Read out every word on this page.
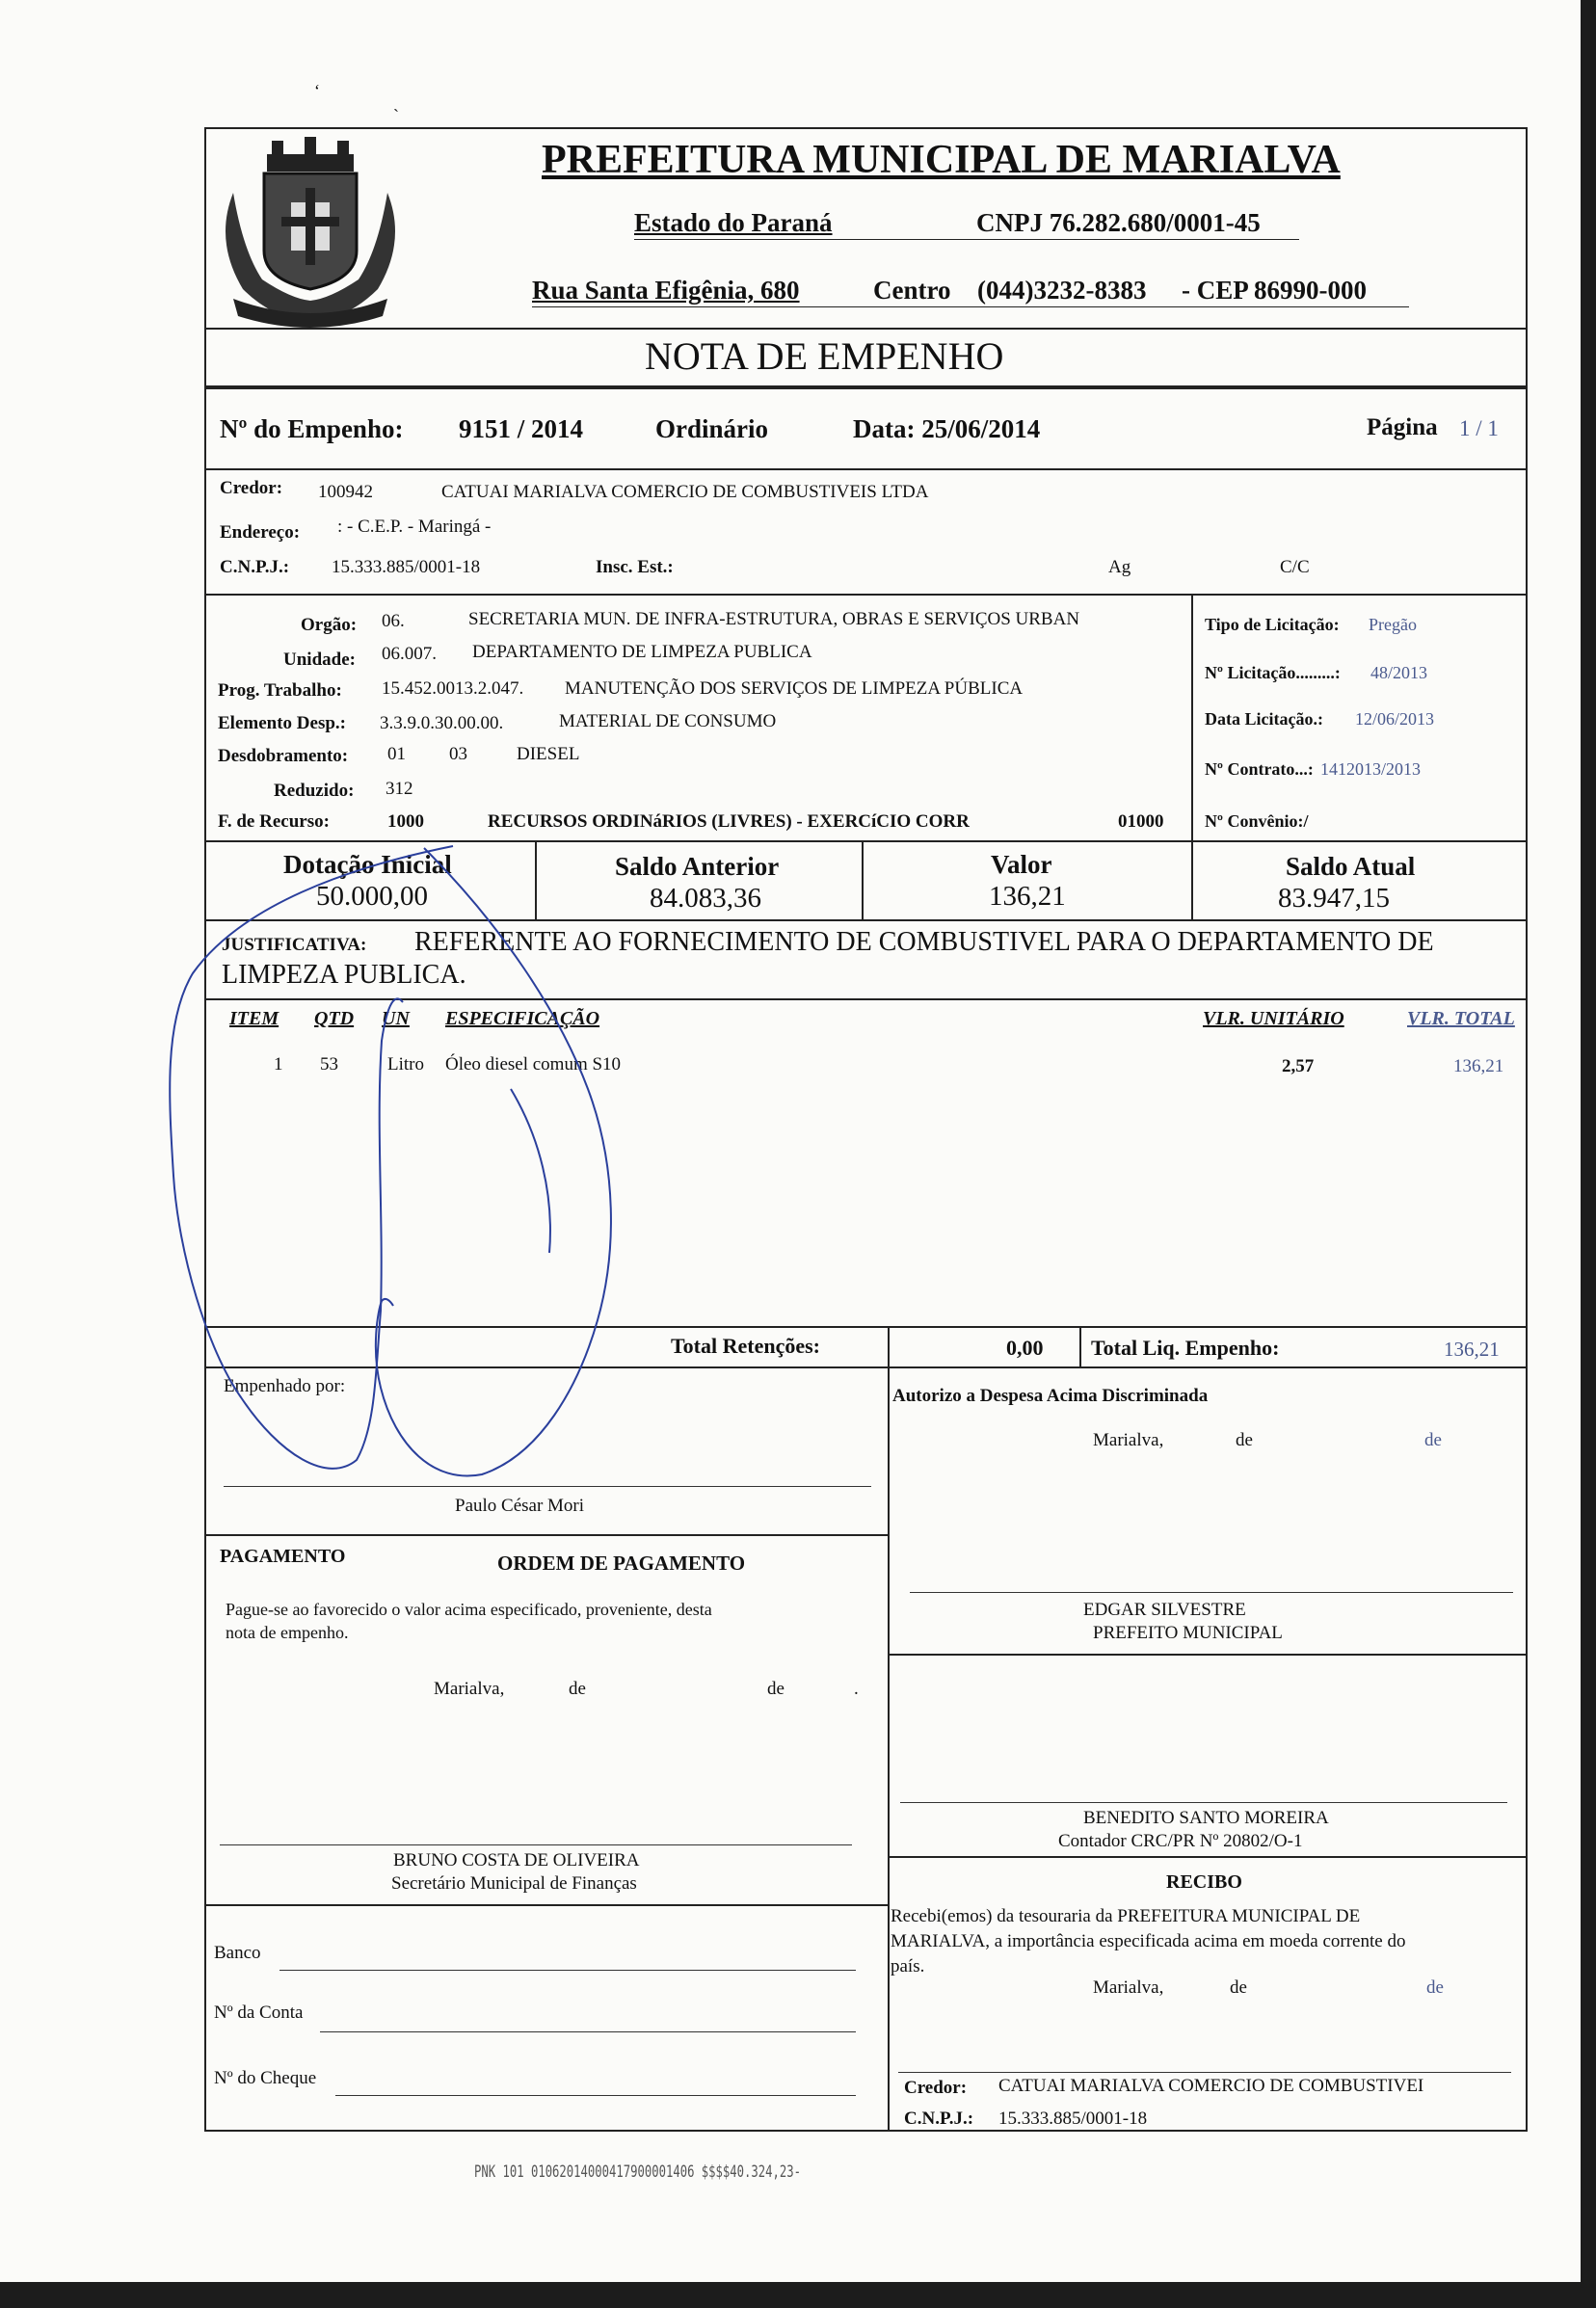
‘
ˎ
PREFEITURA MUNICIPAL DE MARIALVA
Estado do Paraná	CNPJ 76.282.680/0001-45
Rua Santa Efigênia, 680	Centro (044)3232-8383 - CEP 86990-000
NOTA DE EMPENHO
Nº do Empenho: 9151 / 2014	Ordinário	Data: 25/06/2014	Página 1 / 1
Credor: 100942	CATUAI MARIALVA COMERCIO DE COMBUSTIVEIS LTDA
Endereço: : - C.E.P. - Maringá -
C.N.P.J.: 15.333.885/0001-18	Insc. Est.:	Ag	C/C
Orgão: 06.	SECRETARIA MUN. DE INFRA-ESTRUTURA, OBRAS E SERVIÇOS URBAN
Unidade: 06.007. DEPARTAMENTO DE LIMPEZA PUBLICA
Prog. Trabalho: 15.452.0013.2.047. MANUTENÇÃO DOS SERVIÇOS DE LIMPEZA PÚBLICA
Elemento Desp.: 3.3.9.0.30.00.00.	MATERIAL DE CONSUMO
Desdobramento: 01 03	DIESEL
Reduzido: 312
F. de Recurso:	1000	RECURSOS ORDINáRIOS (LIVRES) - EXERCíCIO CORR	01000
Tipo de Licitação: Pregão
Nº Licitação.........: 48/2013
Data Licitação.: 12/06/2013
Nº Contrato...: 1412013/2013
Nº Convênio:/
Dotação Inicial
50.000,00
Saldo Anterior
84.083,36
Valor
136,21
Saldo Atual
83.947,15
JUSTIFICATIVA: REFERENTE AO FORNECIMENTO DE COMBUSTIVEL PARA O DEPARTAMENTO DE
LIMPEZA PUBLICA.
ITEM QTD UN ESPECIFICAÇÃO	VLR. UNITÁRIO	VLR. TOTAL
1 53	Litro Óleo diesel comum S10	2,57	136,21
Total Retenções:	0,00 Total Liq. Empenho:	136,21
Empenhado por:
Paulo César Mori
Autorizo a Despesa Acima Discriminada
Marialva,	de	de
PAGAMENTO	ORDEM DE PAGAMENTO
Pague-se ao favorecido o valor acima especificado, proveniente, desta
nota de empenho.
Marialva,	de	de	.
EDGAR SILVESTRE
PREFEITO MUNICIPAL
BENEDITO SANTO MOREIRA
Contador CRC/PR Nº 20802/O-1
BRUNO COSTA DE OLIVEIRA
Secretário Municipal de Finanças	RECIBO
Recebi(emos) da tesouraria da PREFEITURA MUNICIPAL DE
MARIALVA, a importância especificada acima em moeda corrente do
país.
Marialva,	de	de
Credor: CATUAI MARIALVA COMERCIO DE COMBUSTIVEI
C.N.P.J.: 15.333.885/0001-18
Banco
Nº da Conta
Nº do Cheque
PNK 101 01062014000417900001406 $$$$40.324,23-
